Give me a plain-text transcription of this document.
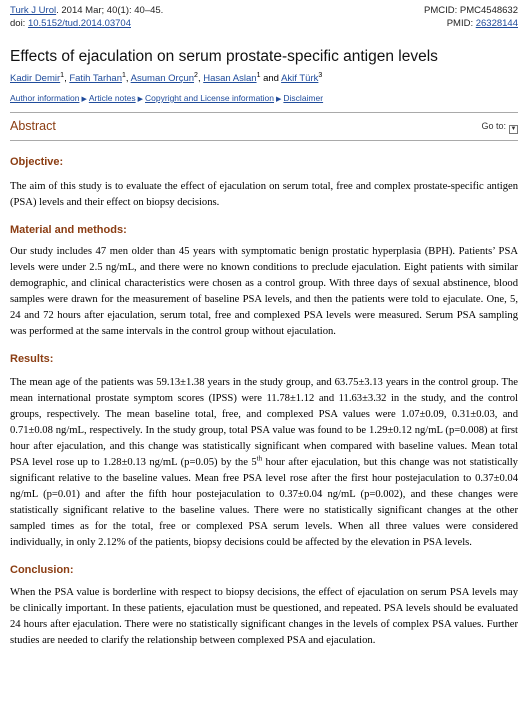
Turk J Urol. 2014 Mar; 40(1): 40–45.
doi: 10.5152/tud.2014.03704
PMCID: PMC4548632
PMID: 26328144
Effects of ejaculation on serum prostate-specific antigen levels
Kadir Demir$^1$, Fatih Tarhan$^1$, Asuman Orçun$^2$, Hasan Aslan$^1$ and Akif Türk$^3$
Author information ▶ Article notes ▶ Copyright and License information ▶ Disclaimer
Abstract	Go to: ▼
Objective:

The aim of this study is to evaluate the effect of ejaculation on serum total, free and complex prostate-specific antigen (PSA) levels and their effect on biopsy decisions.

Material and methods:

Our study includes 47 men older than 45 years with symptomatic benign prostatic hyperplasia (BPH). Patients’ PSA levels were under 2.5 ng/mL, and there were no known conditions to preclude ejaculation. Eight patients with similar demographic, and clinical characteristics were chosen as a control group. With three days of sexual abstinence, blood samples were drawn for the measurement of baseline PSA levels, and then the patients were told to ejaculate. One, 5, 24 and 72 hours after ejaculation, serum total, free and complexed PSA levels were measured. Serum PSA sampling was performed at the same intervals in the control group without ejaculation.

Results:

The mean age of the patients was 59.13±1.38 years in the study group, and 63.75±3.13 years in the control group. The mean international prostate symptom scores (IPSS) were 11.78±1.12 and 11.63±3.32 in the study, and the control groups, respectively. The mean baseline total, free, and complexed PSA values were 1.07±0.09, 0.31±0.03, and 0.71±0.08 ng/mL, respectively. In the study group, total PSA value was found to be 1.29±0.12 ng/mL (p=0.008) at first hour after ejaculation, and this change was statistically significant when compared with baseline values. Mean total PSA level rose up to 1.28±0.13 ng/mL (p=0.05) by the 5th hour after ejaculation, but this change was not statistically significant relative to the baseline values. Mean free PSA level rose after the first hour postejaculation to 0.37±0.04 ng/mL (p=0.01) and after the fifth hour postejaculation to 0.37±0.04 ng/mL (p=0.002), and these changes were statistically significant relative to the baseline values. There were no statistically significant changes at the other sampled times as for the total, free or complexed PSA serum levels. When all three values were considered individually, in only 2.12% of the patients, biopsy decisions could be affected by the elevation in PSA levels.

Conclusion:

When the PSA value is borderline with respect to biopsy decisions, the effect of ejaculation on serum PSA levels may be clinically important. In these patients, ejaculation must be questioned, and repeated. PSA levels should be evaluated 24 hours after ejaculation. There were no statistically significant changes in the levels of complex PSA values. Further studies are needed to clarify the relationship between complexed PSA and ejaculation.
